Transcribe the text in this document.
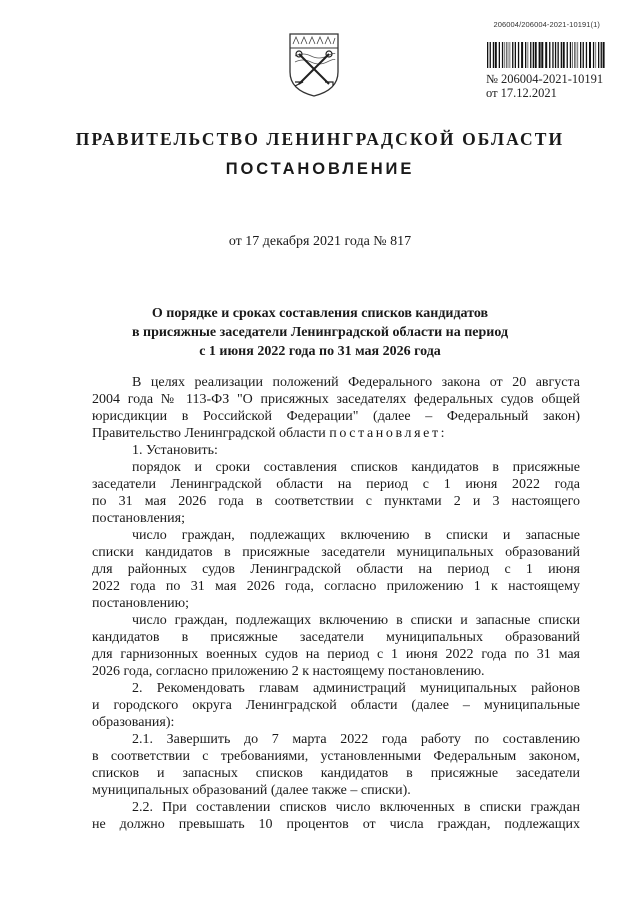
206004/206004-2021-10191(1)
№ 206004-2021-10191
от 17.12.2021
ПРАВИТЕЛЬСТВО ЛЕНИНГРАДСКОЙ ОБЛАСТИ
ПОСТАНОВЛЕНИЕ
от 17 декабря 2021 года № 817
О порядке и сроках составления списков кандидатов
в присяжные заседатели Ленинградской области на период
с 1 июня 2022 года по 31 мая 2026 года

В целях реализации положений Федерального закона от 20 августа

2004 года № 113-ФЗ "О присяжных заседателях федеральных судов общей

юрисдикции в Российской Федерации" (далее – Федеральный закон)

Правительство Ленинградской области постановляет:

1. Установить:

порядок и сроки составления списков кандидатов в присяжные

заседатели Ленинградской области на период с 1 июня 2022 года

по 31 мая 2026 года в соответствии с пунктами 2 и 3 настоящего

постановления;

число граждан, подлежащих включению в списки и запасные

списки кандидатов в присяжные заседатели муниципальных образований

для районных судов Ленинградской области на период с 1 июня

2022 года по 31 мая 2026 года, согласно приложению 1 к настоящему

постановлению;

число граждан, подлежащих включению в списки и запасные списки

кандидатов в присяжные заседатели муниципальных образований

для гарнизонных военных судов на период с 1 июня 2022 года по 31 мая

2026 года, согласно приложению 2 к настоящему постановлению.

2. Рекомендовать главам администраций муниципальных районов

и городского округа Ленинградской области (далее – муниципальные

образования):

2.1. Завершить до 7 марта 2022 года работу по составлению

в соответствии с требованиями, установленными Федеральным законом,

списков и запасных списков кандидатов в присяжные заседатели

муниципальных образований (далее также – списки).

2.2. При составлении списков число включенных в списки граждан

не должно превышать 10 процентов от числа граждан, подлежащих
